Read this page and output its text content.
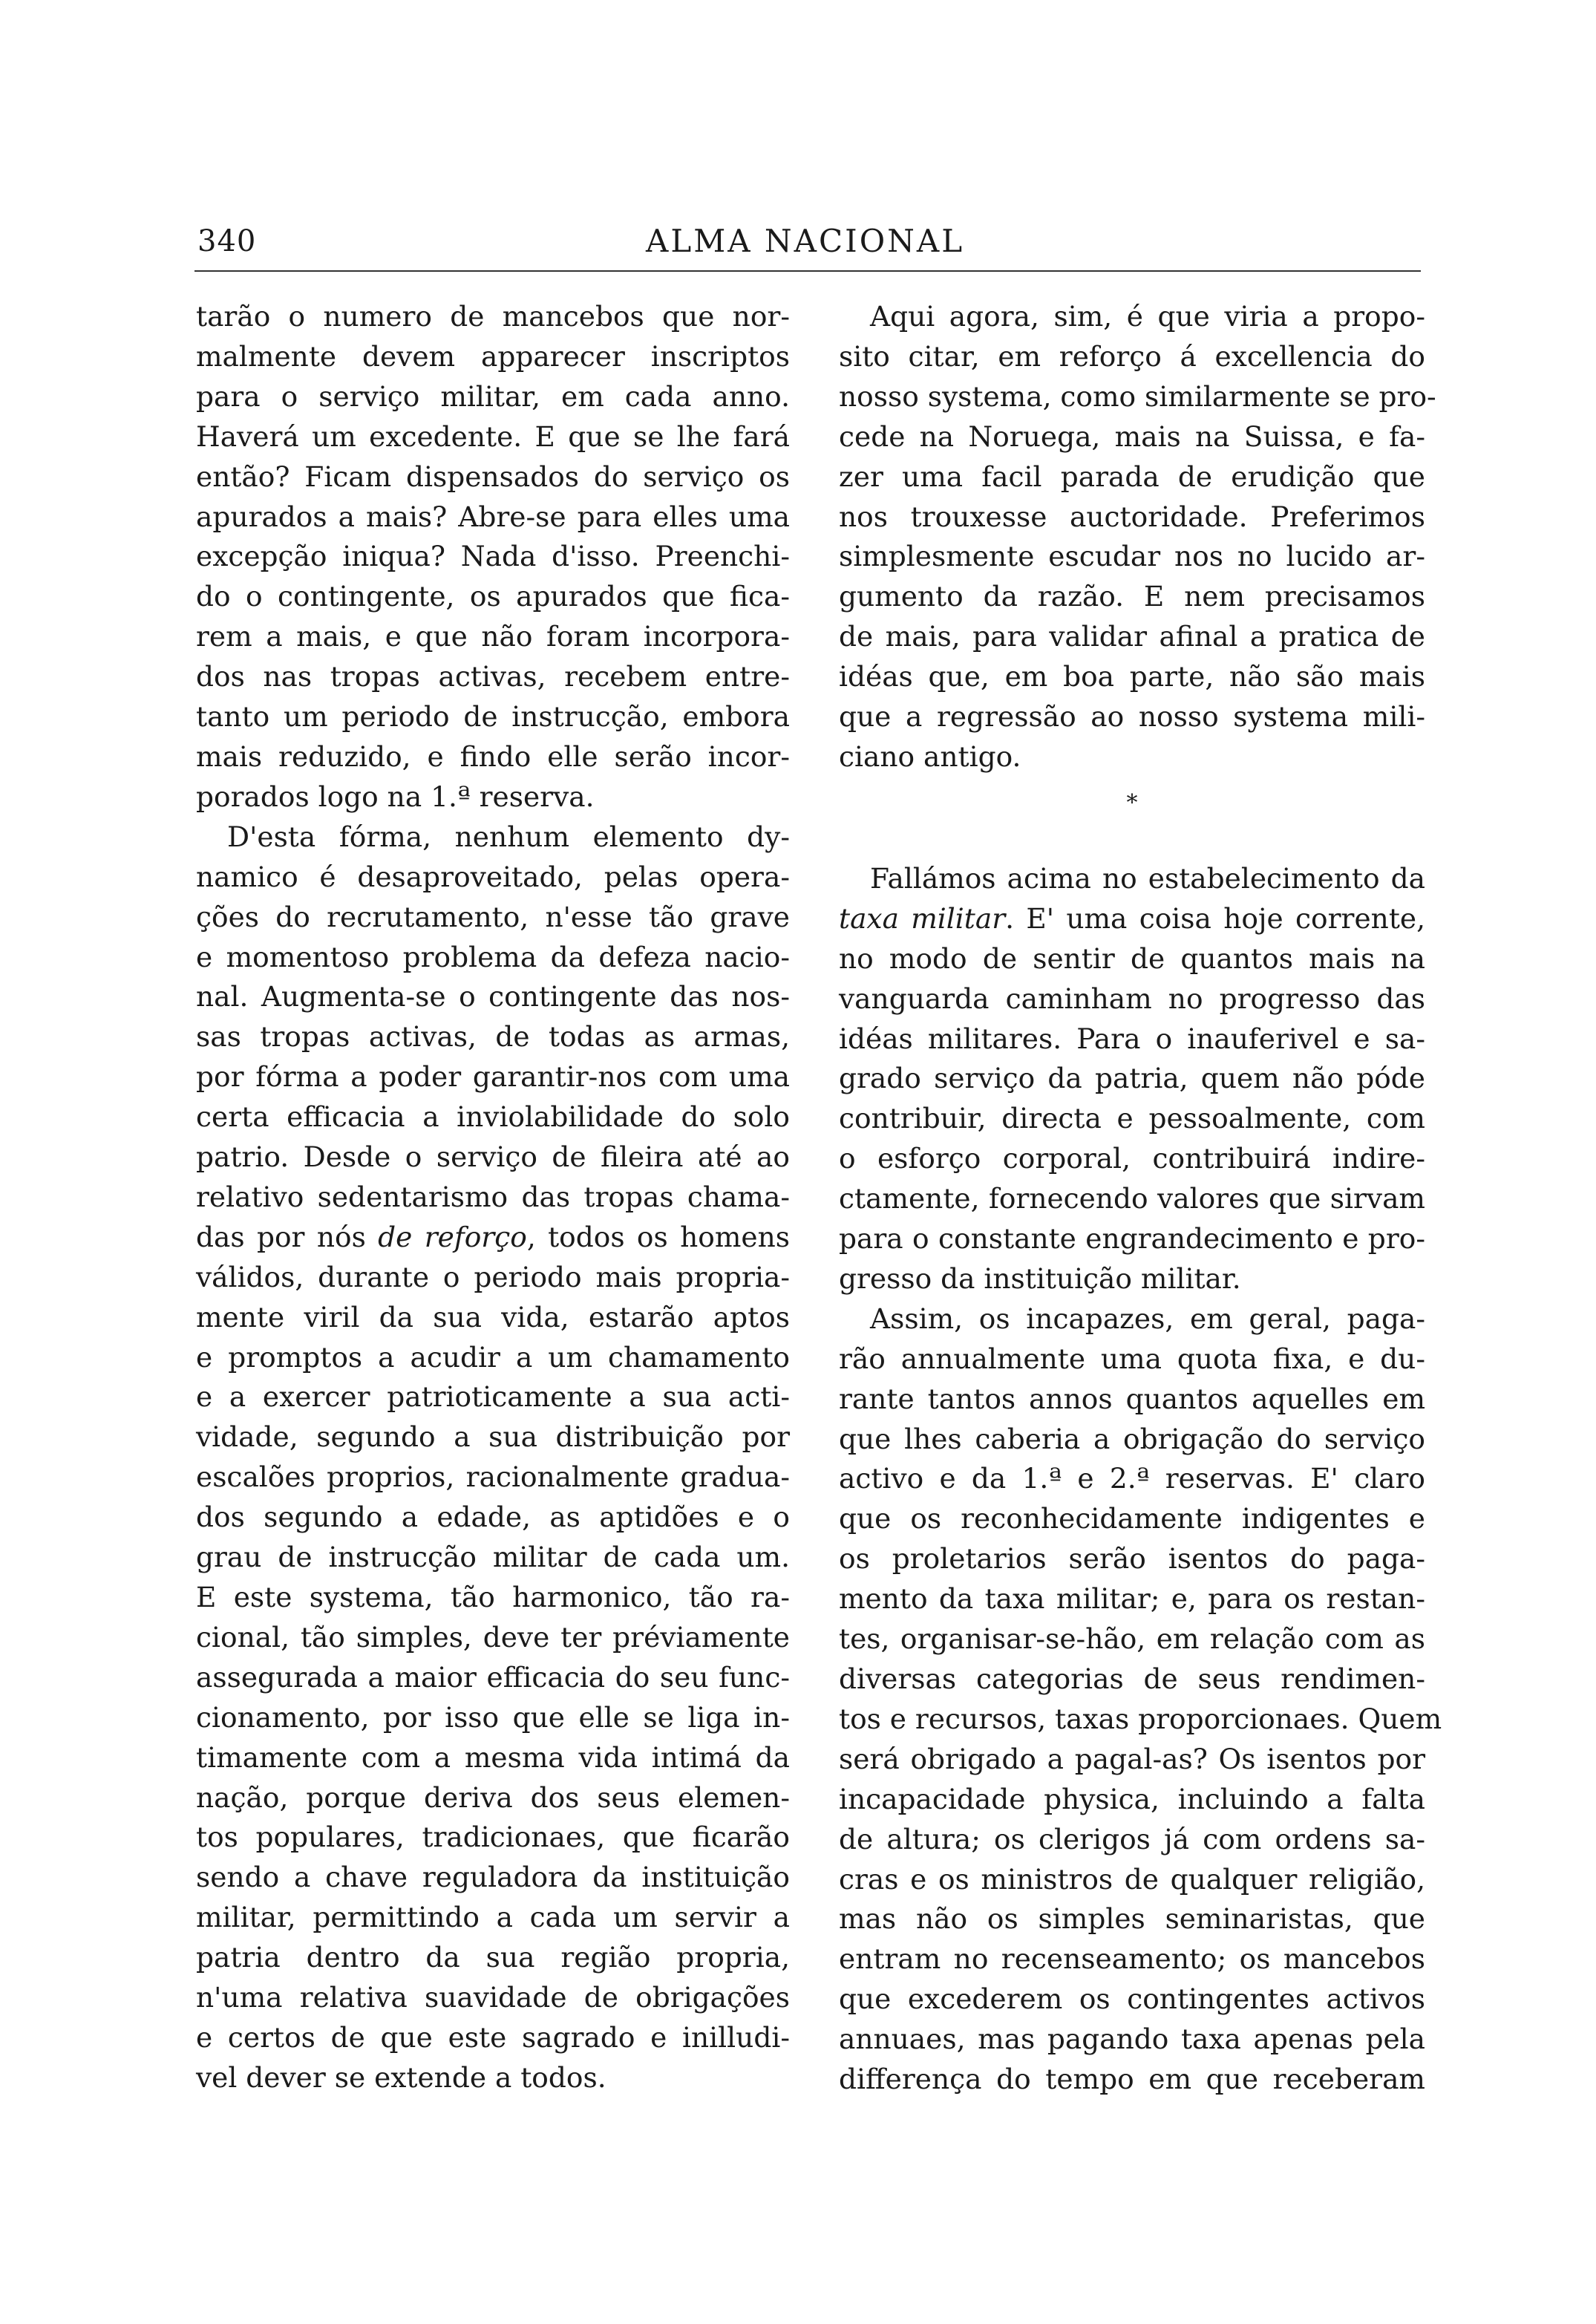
340	ALMA NACIONAL

tarão o numero de mancebos que nor-

malmente devem apparecer inscriptos

para o serviço militar, em cada anno.

Haverá um excedente. E que se lhe fará

então? Ficam dispensados do serviço os

apurados a mais? Abre-se para elles uma

excepção iniqua? Nada d'isso. Preenchi-

do o contingente, os apurados que fica-

rem a mais, e que não foram incorpora-

dos nas tropas activas, recebem entre-

tanto um periodo de instrucção, embora

mais reduzido, e findo elle serão incor-

porados logo na 1.ª reserva.

D'esta fórma, nenhum elemento dy-

namico é desaproveitado, pelas opera-

ções do recrutamento, n'esse tão grave

e momentoso problema da defeza nacio-

nal. Augmenta-se o contingente das nos-

sas tropas activas, de todas as armas,

por fórma a poder garantir-nos com uma

certa efficacia a inviolabilidade do solo

patrio. Desde o serviço de fileira até ao

relativo sedentarismo das tropas chama-

das por nós de reforço, todos os homens

válidos, durante o periodo mais propria-

mente viril da sua vida, estarão aptos

e promptos a acudir a um chamamento

e a exercer patrioticamente a sua acti-

vidade, segundo a sua distribuição por

escalões proprios, racionalmente gradua-

dos segundo a edade, as aptidões e o

grau de instrucção militar de cada um.

E este systema, tão harmonico, tão ra-

cional, tão simples, deve ter préviamente

assegurada a maior efficacia do seu func-

cionamento, por isso que elle se liga in-

timamente com a mesma vida intimá da

nação, porque deriva dos seus elemen-

tos populares, tradicionaes, que ficarão

sendo a chave reguladora da instituição

militar, permittindo a cada um servir a

patria dentro da sua região propria,

n'uma relativa suavidade de obrigações

e certos de que este sagrado e inilludi-

vel dever se extende a todos.

Aqui agora, sim, é que viria a propo-

sito citar, em reforço á excellencia do

nosso systema, como similarmente se pro-

cede na Noruega, mais na Suissa, e fa-

zer uma facil parada de erudição que

nos trouxesse auctoridade. Preferimos

simplesmente escudar nos no lucido ar-

gumento da razão. E nem precisamos

de mais, para validar afinal a pratica de

idéas que, em boa parte, não são mais

que a regressão ao nosso systema mili-

ciano antigo.

*

Fallámos acima no estabelecimento da

taxa militar. E' uma coisa hoje corrente,

no modo de sentir de quantos mais na

vanguarda caminham no progresso das

idéas militares. Para o inauferivel e sa-

grado serviço da patria, quem não póde

contribuir, directa e pessoalmente, com

o esforço corporal, contribuirá indire-

ctamente, fornecendo valores que sirvam

para o constante engrandecimento e pro-

gresso da instituição militar.

Assim, os incapazes, em geral, paga-

rão annualmente uma quota fixa, e du-

rante tantos annos quantos aquelles em

que lhes caberia a obrigação do serviço

activo e da 1.ª e 2.ª reservas. E' claro

que os reconhecidamente indigentes e

os proletarios serão isentos do paga-

mento da taxa militar; e, para os restan-

tes, organisar-se-hão, em relação com as

diversas categorias de seus rendimen-

tos e recursos, taxas proporcionaes. Quem

será obrigado a pagal-as? Os isentos por

incapacidade physica, incluindo a falta

de altura; os clerigos já com ordens sa-

cras e os ministros de qualquer religião,

mas não os simples seminaristas, que

entram no recenseamento; os mancebos

que excederem os contingentes activos

annuaes, mas pagando taxa apenas pela

differença do tempo em que receberam
